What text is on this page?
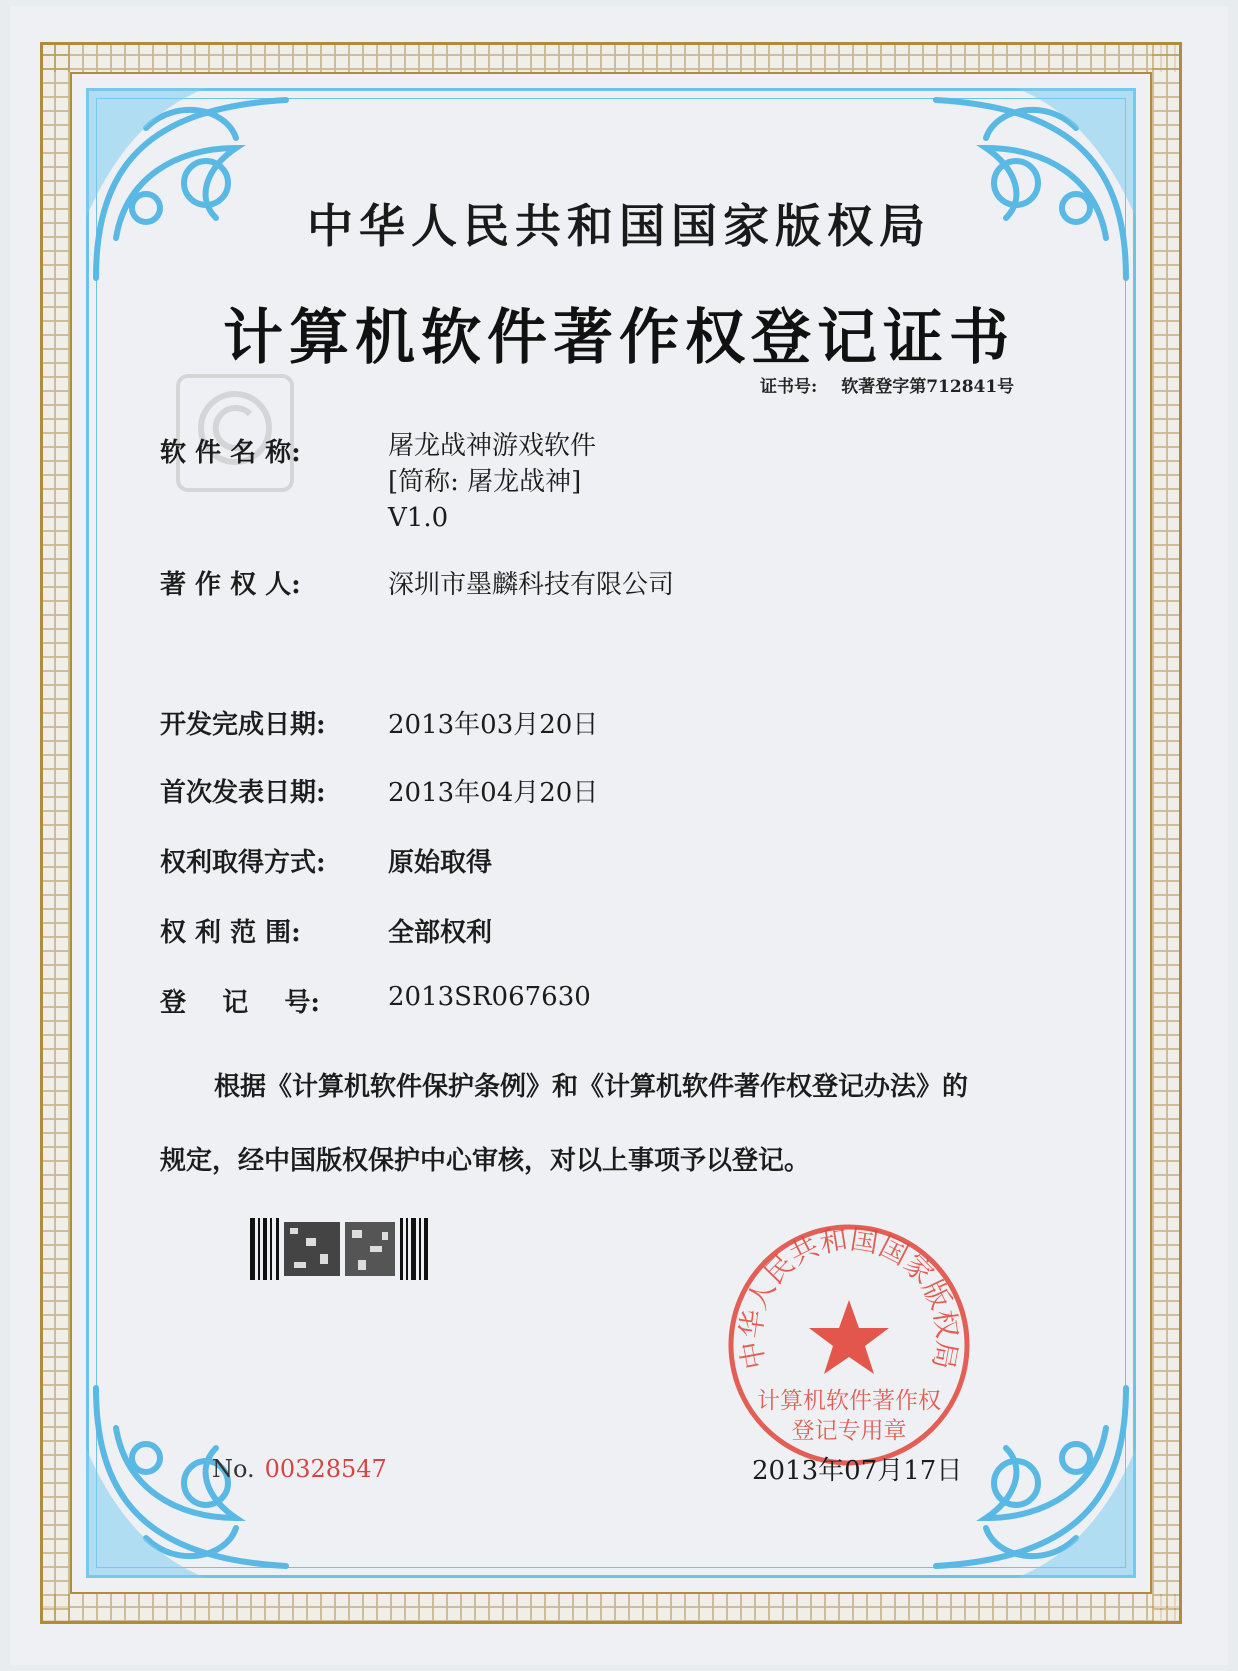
中华人民共和国国家版权局
计算机软件著作权登记证书
证书号: 软著登字第712841号
软 件 名 称:	屠龙战神游戏软件
[简称: 屠龙战神]
V1.0
著 作 权 人:	深圳市墨麟科技有限公司
开发完成日期: 2013年03月20日
首次发表日期: 2013年04月20日
权利取得方式: 原始取得
权 利 范 围:	全部权利
登    记    号:	2013SR067630
根据《计算机软件保护条例》和《计算机软件著作权登记办法》的
规定，经中国版权保护中心审核，对以上事项予以登记。
中华人民共和国国家版权局
计算机软件著作权
登记专用章
No. 00328547	2013年07月17日
